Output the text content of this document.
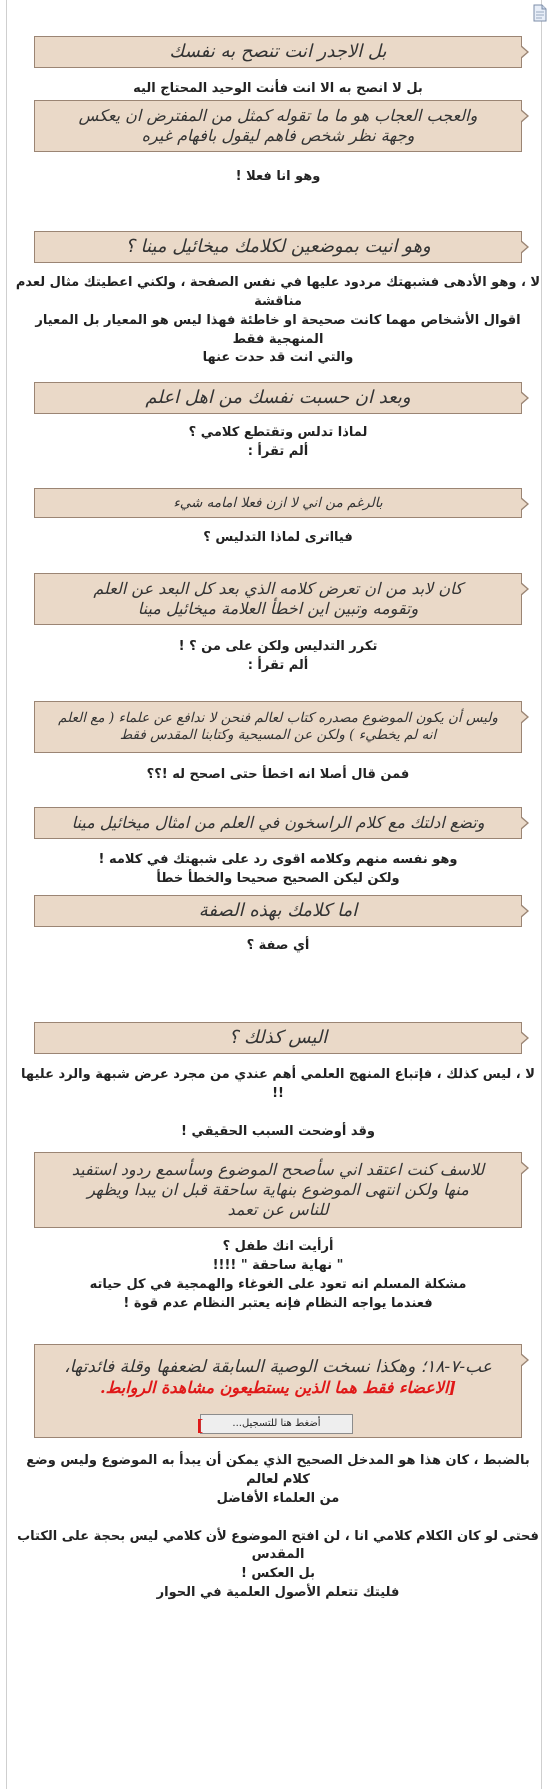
بل الاجدر انت تنصح به نفسك
بل لا انصح به الا انت فأنت الوحيد المحتاج اليه
والعجب العجاب هو ما ما تقوله كمثل من المفترض ان يعكس
وجهة نظر شخص فاهم ليقول بافهام غيره
وهو انا فعلا !
وهو انيت بموضعين لكلامك ميخائيل مينا ؟
لا ، وهو الأدهى فشبهتك مردود عليها في نفس الصفحة ، ولكني اعطيتك مثال لعدم مناقشة
اقوال الأشخاص مهما كانت صحيحة او خاطئة فهذا ليس هو المعيار بل المعيار المنهجية فقط
والتي انت قد حدت عنها
وبعد ان حسبت نفسك من اهل اعلم
لماذا تدلس وتقتطع كلامي ؟
ألم تقرأ :
بالرغم من اني لا ازن فعلا امامه شيء
فيااترى لماذا التدليس ؟
كان لابد من ان تعرض كلامه الذي بعد كل البعد عن العلم
وتقومه وتبين اين اخطأ العلامة ميخائيل مينا
تكرر التدليس ولكن على من ؟ !
ألم تقرأ :
وليس أن يكون الموضوع مصدره كتاب لعالم فنحن لا ندافع عن علماء ( مع العلم
انه لم يخطيء ) ولكن عن المسيحية وكتابنا المقدس فقط
فمن قال أصلا انه اخطأ حتى اصحح له !؟؟
وتضع ادلتك مع كلام الراسخون في العلم من امثال ميخائيل مينا
وهو نفسه منهم وكلامه اقوى رد على شبهتك في كلامه !
ولكن ليكن الصحيح صحيحا والخطأ خطأ
اما كلامك بهذه الصفة
أي صفة ؟
اليس كذلك ؟
لا ، ليس كذلك ، فإتباع المنهج العلمي أهم عندي من مجرد عرض شبهة والرد عليها !!
وقد أوضحت السبب الحقيقي !
للاسف كنت اعتقد اني سأصحح الموضوع وسأسمع ردود استفيد
منها ولكن انتهى الموضوع بنهاية ساحقة قبل ان يبدا ويظهر
للناس عن تعمد
أرأيت انك طفل ؟
" نهاية ساحقة " !!!!
مشكلة المسلم انه تعود على الغوغاء والهمجية في كل حياته
فعندما يواجه النظام فإنه يعتبر النظام عدم قوة !
عب-٧-١٨؛ وهكذا نسخت الوصية السابقة لضعفها وقلة فائدتها،
[الاعضاء فقط هما الذين يستطيعون مشاهدة الروابط.
أضغط هنا للتسجيل...
]
بالضبط ، كان هذا هو المدخل الصحيح الذي يمكن أن يبدأ به الموضوع وليس وضع كلام لعالم
من العلماء الأفاضل
فحتى لو كان الكلام كلامي انا ، لن افتح الموضوع لأن كلامي ليس بحجة على الكتاب المقدس
بل العكس !
فليتك تتعلم الأصول العلمية في الحوار
